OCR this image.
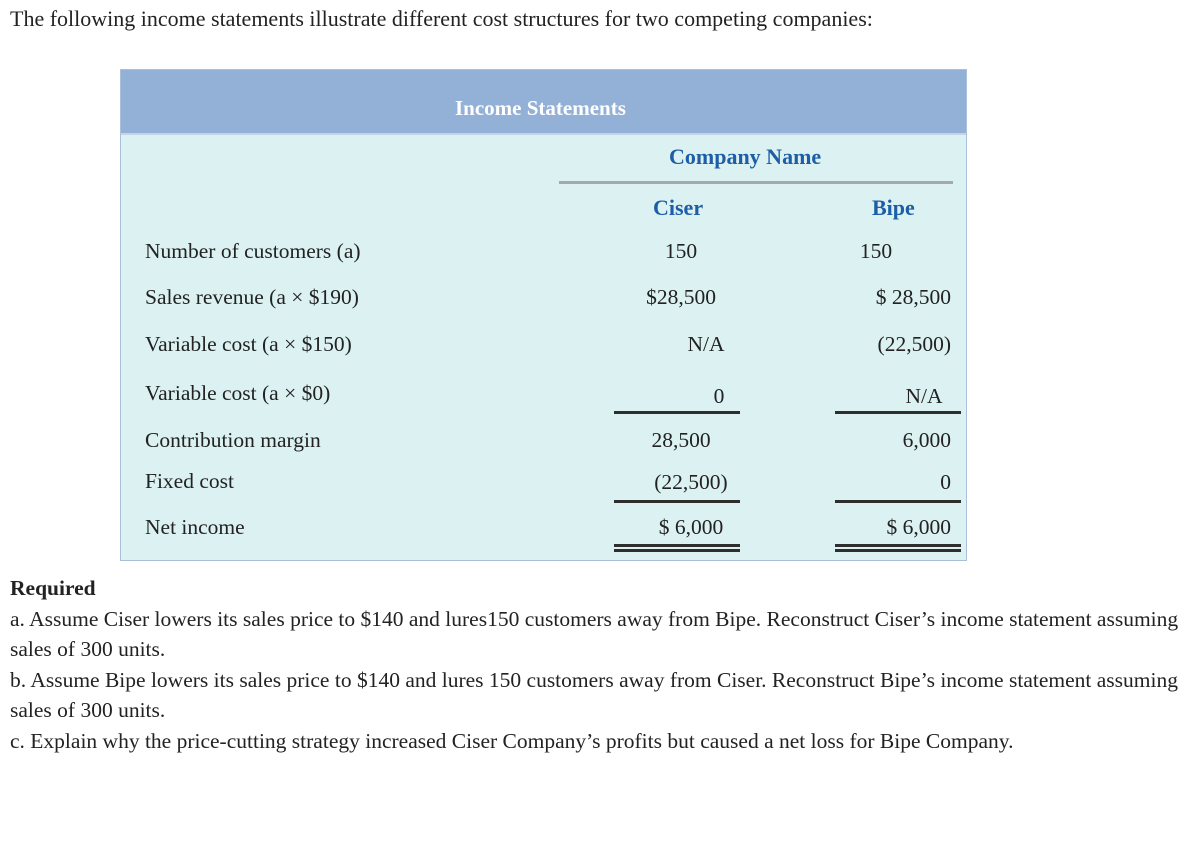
The following income statements illustrate different cost structures for two competing companies:
Income Statements
Company Name
Ciser	Bipe
Number of customers (a)	150	150
Sales revenue (a × $190)	$28,500	$ 28,500
Variable cost (a × $150)	N/A	(22,500)
Variable cost (a × $0)	0	N/A
Contribution margin	28,500	6,000
Fixed cost	(22,500)	0
Net income	$ 6,000	$ 6,000
Required

a. Assume Ciser lowers its sales price to $140 and lures150 customers away from Bipe. Reconstruct Ciser’s income statement assuming sales of 300 units.

b. Assume Bipe lowers its sales price to $140 and lures 150 customers away from Ciser. Reconstruct Bipe’s income statement assuming sales of 300 units.

c. Explain why the price-cutting strategy increased Ciser Company’s profits but caused a net loss for Bipe Company.
